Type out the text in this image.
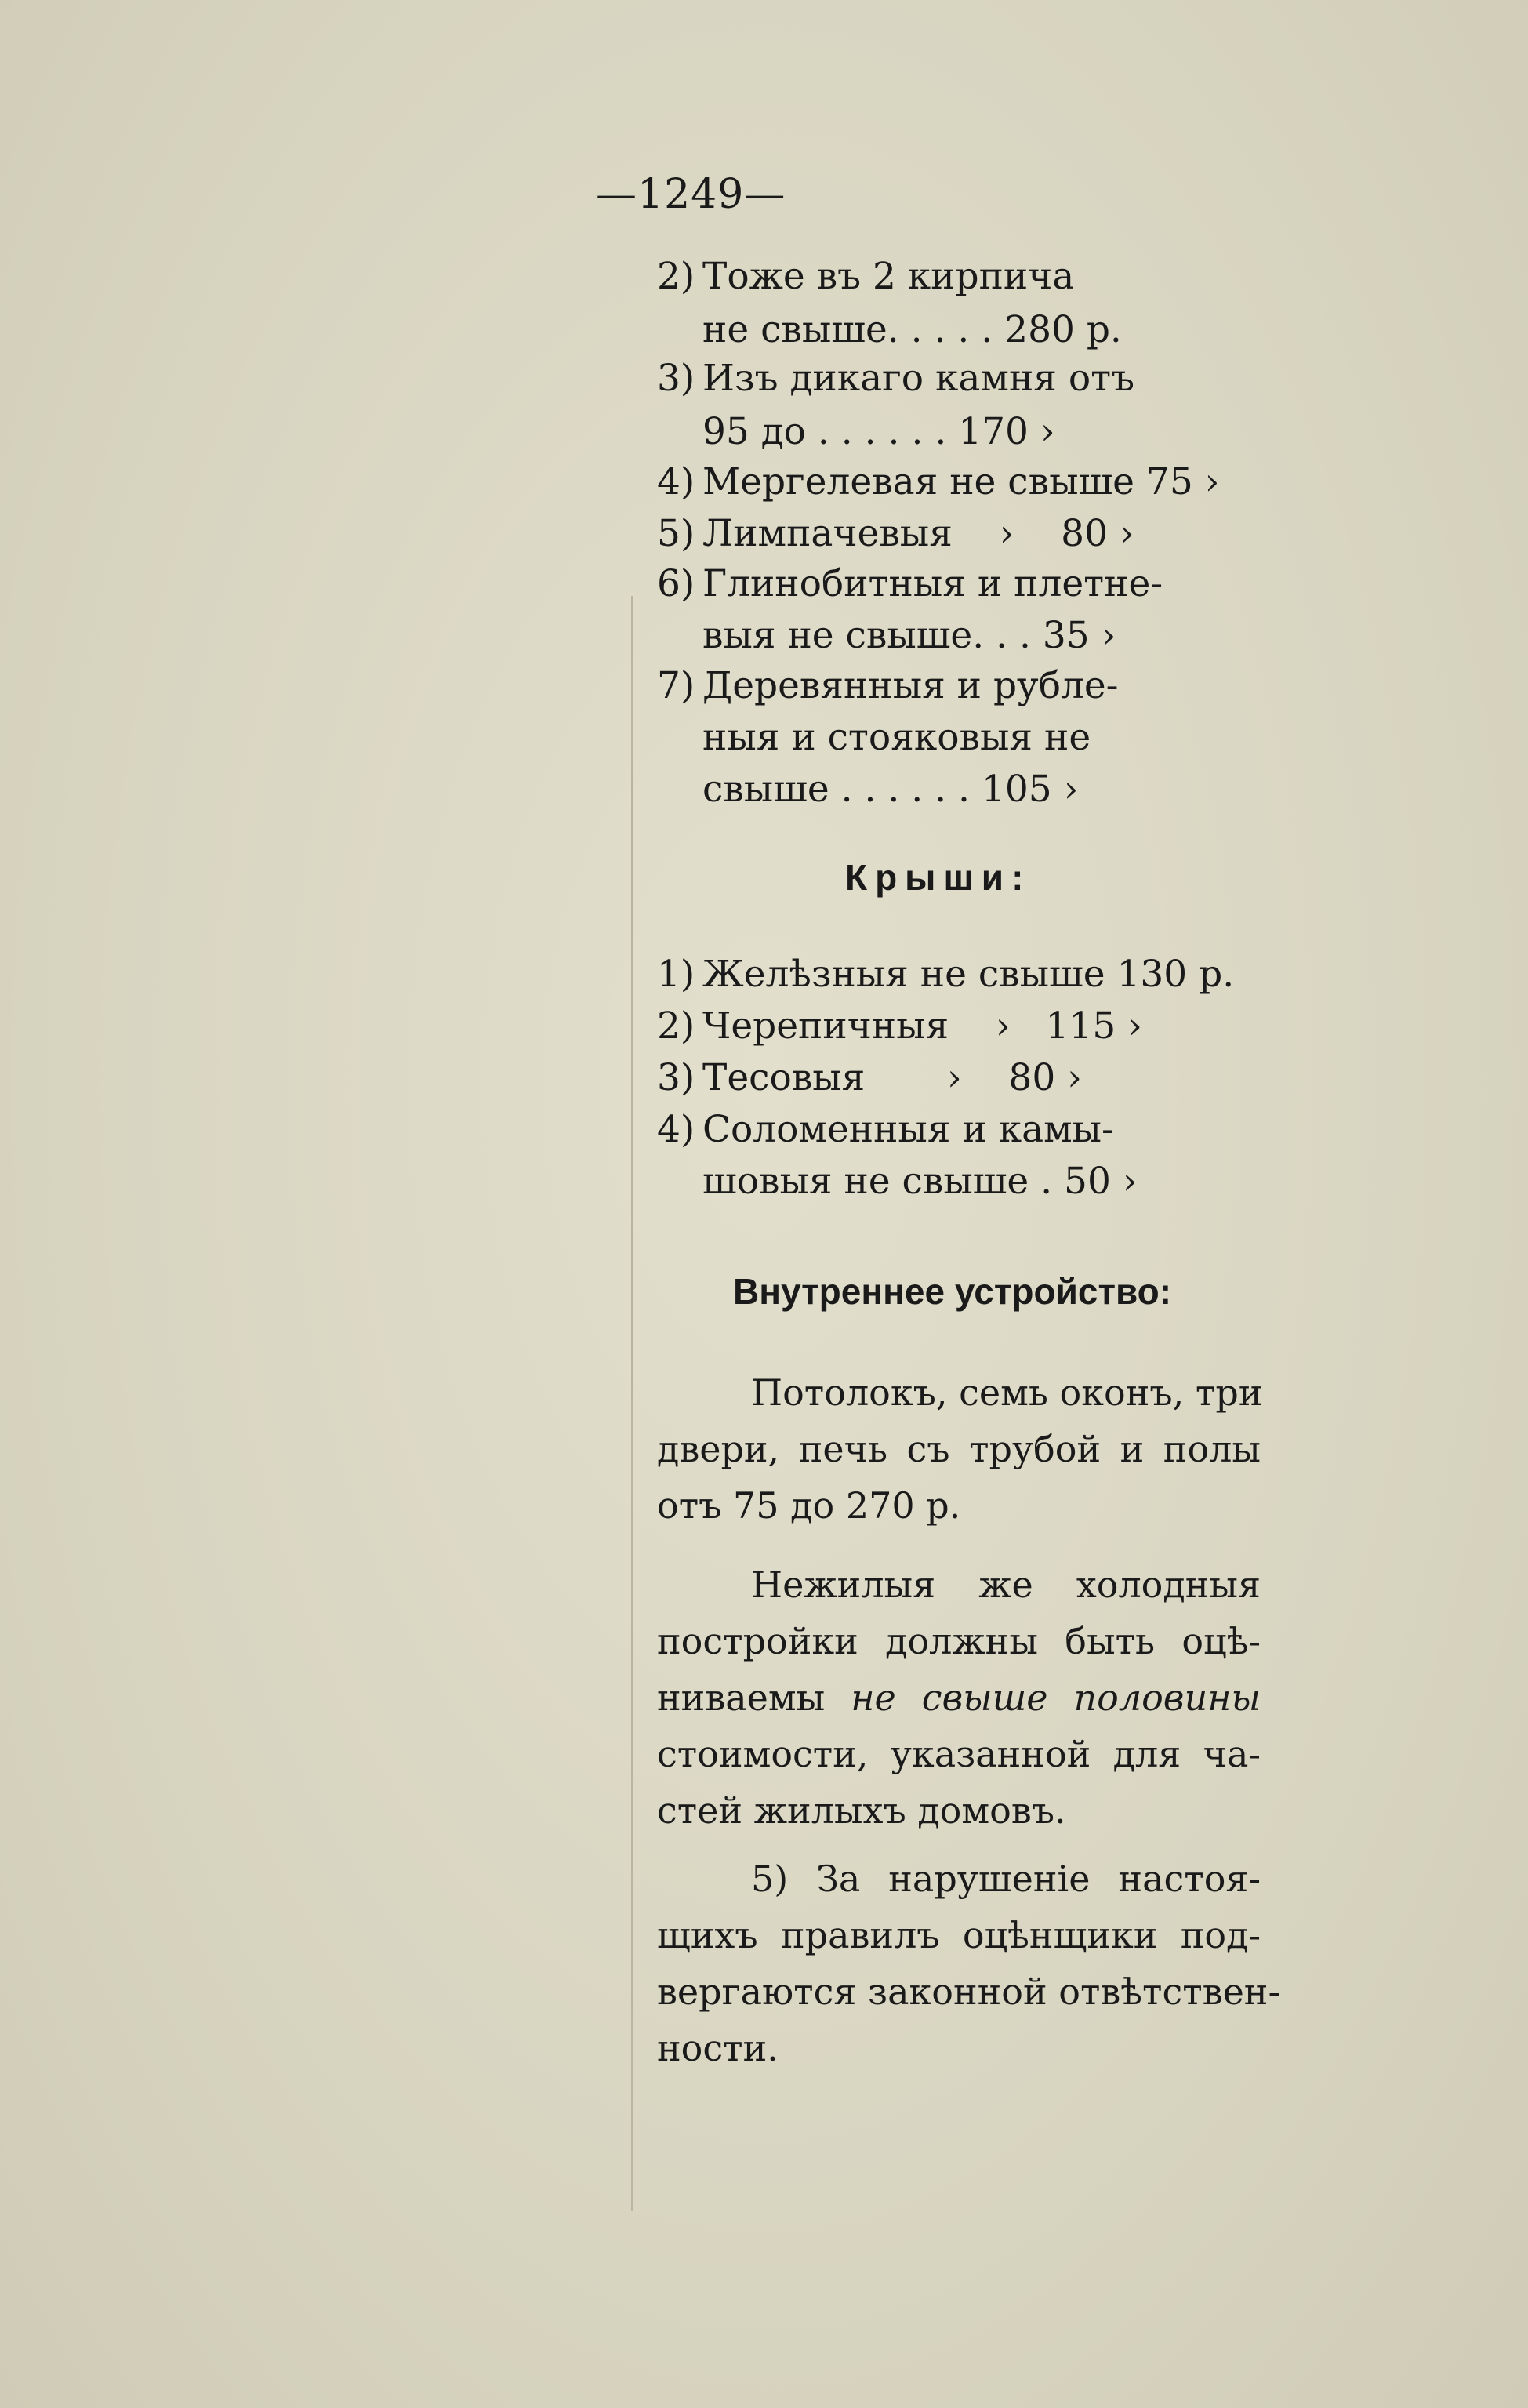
—1249—
2) Тоже въ 2 кирпича
не свыше. . . . . 280 р.
3) Изъ дикаго камня отъ
95 до . . . . . . 170 ›
4) Мергелевая не свыше 75 ›
5) Лимпачевыя    ›    80 ›
6) Глинобитныя и плетне-
выя не свыше. . . 35 ›
7) Деревянныя и рубле-
ныя и стояковыя не
свыше . . . . . . 105 ›
Крыши:
1) Желѣзныя не свыше 130 р.
2) Черепичныя    ›   115 ›
3) Тесовыя       ›    80 ›
4) Соломенныя и камы-
шовыя не свыше . 50 ›
Внутреннее устройство:
Потолокъ, семь оконъ, три
двери, печь съ трубой и полы
отъ 75 до 270 р.
Нежилыя же холодныя
постройки должны быть оцѣ-
ниваемы не свыше половины
стоимости, указанной для ча-
стей жилыхъ домовъ.
5) За нарушеніе настоя-
щихъ правилъ оцѣнщики под-
вергаются законной отвѣтствен-
ности.
